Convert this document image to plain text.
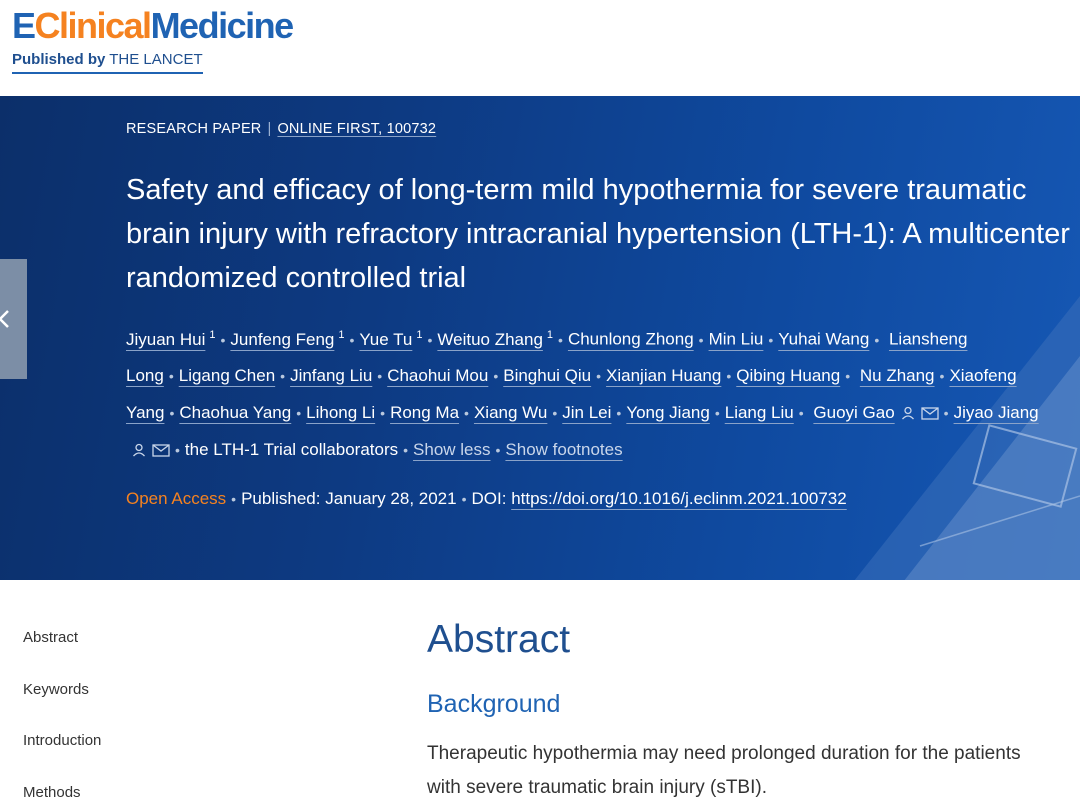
EClinicalMedicine
Published by THE LANCET
RESEARCH PAPER | ONLINE FIRST, 100732
Safety and efficacy of long-term mild hypothermia for severe traumatic brain injury with refractory intracranial hypertension (LTH-1): A multicenter randomized controlled trial
Jiyuan Hui $^1$ • Junfeng Feng $^1$ • Yue Tu $^1$ • Weituo Zhang $^1$ • Chunlong Zhong • Min Liu • Yuhai Wang • Liansheng Long • Ligang Chen • Jinfang Liu • Chaohui Mou • Binghui Qiu • Xianjian Huang • Qibing Huang • Nu Zhang • Xiaofeng Yang • Chaohua Yang • Lihong Li • Rong Ma • Xiang Wu • Jin Lei • Yong Jiang • Liang Liu • Guoyi Gao	• Jiyao Jiang• the LTH-1 Trial collaborators • Show less • Show footnotes
Open Access • Published: January 28, 2021 • DOI: https://doi.org/10.1016/j.eclinm.2021.100732
Abstract
Keywords
Introduction
Methods
Abstract
Background

Therapeutic hypothermia may need prolonged duration for the patients with severe traumatic brain injury (sTBI).
